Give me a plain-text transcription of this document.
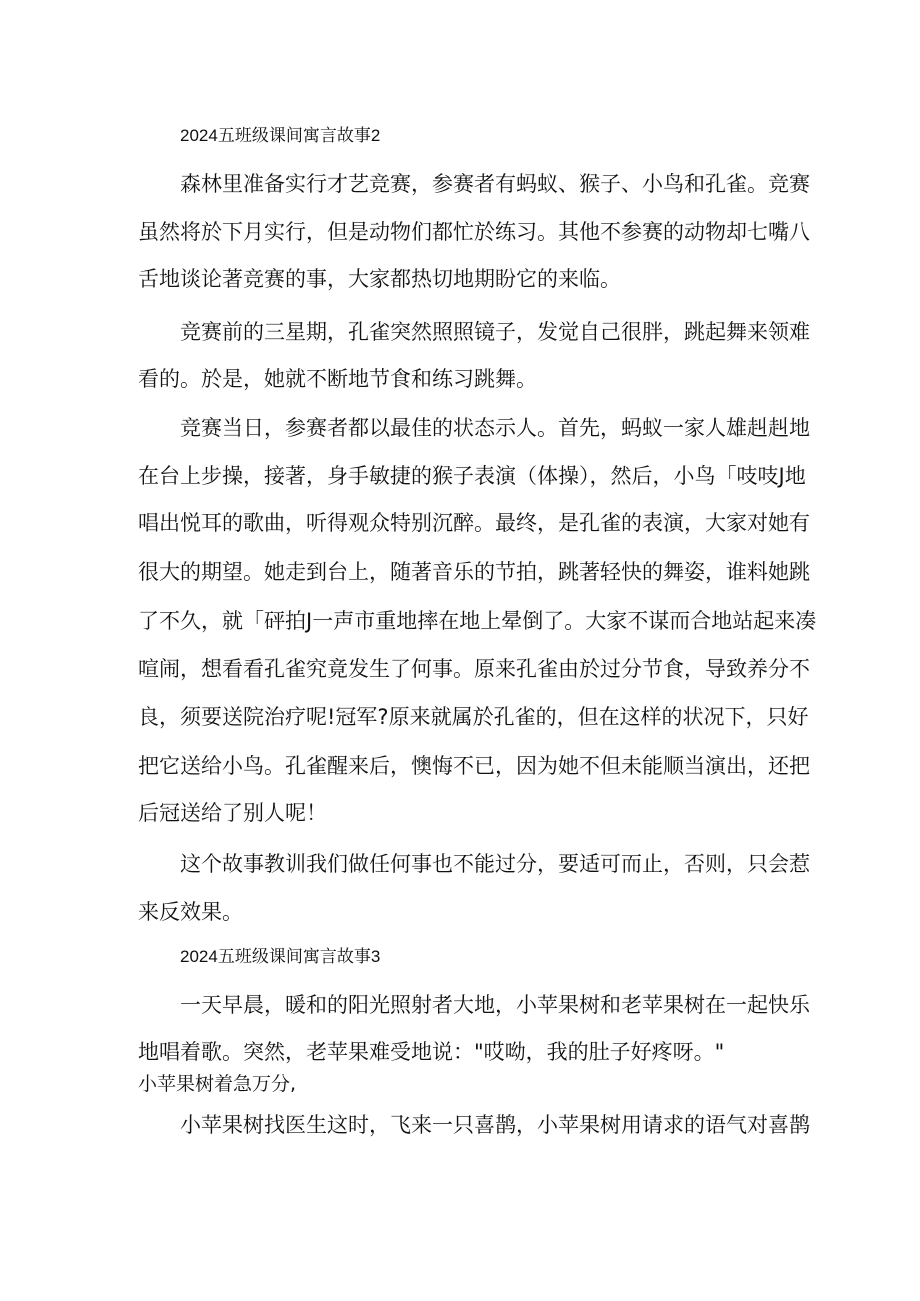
2024五班级课间寓言故事2
森林里准备实行才艺竞赛，参赛者有蚂蚁、猴子、小鸟和孔雀。竞赛
虽然将於下月实行，但是动物们都忙於练习。其他不参赛的动物却七嘴八
舌地谈论著竞赛的事，大家都热切地期盼它的来临。
竞赛前的三星期，孔雀突然照照镜子，发觉自己很胖，跳起舞来领难
看的。於是，她就不断地节食和练习跳舞。
竞赛当日，参赛者都以最佳的状态示人。首先，蚂蚁一家人雄赳赳地
在台上步操，接著，身手敏捷的猴子表演（体操），然后，小鸟「吱吱J地
唱出悦耳的歌曲，听得观众特别沉醉。最终，是孔雀的表演，大家对她有
很大的期望。她走到台上，随著音乐的节拍，跳著轻快的舞姿，谁料她跳
了不久，就「砰拍J一声市重地摔在地上晕倒了。大家不谋而合地站起来凑
喧闹，想看看孔雀究竟发生了何事。原来孔雀由於过分节食，导致养分不
良，须要送院治疗呢!冠军?原来就属於孔雀的，但在这样的状况下，只好
把它送给小鸟。孔雀醒来后，懊悔不已，因为她不但未能顺当演出，还把
后冠送给了别人呢！
这个故事教训我们做任何事也不能过分，要适可而止，否则，只会惹
来反效果。
2024五班级课间寓言故事3
一天早晨，暖和的阳光照射者大地，小苹果树和老苹果树在一起快乐
地唱着歌。突然，老苹果难受地说："哎呦，我的肚子好疼呀。"
小苹果树着急万分,
小苹果树找医生这时，飞来一只喜鹊，小苹果树用请求的语气对喜鹊
